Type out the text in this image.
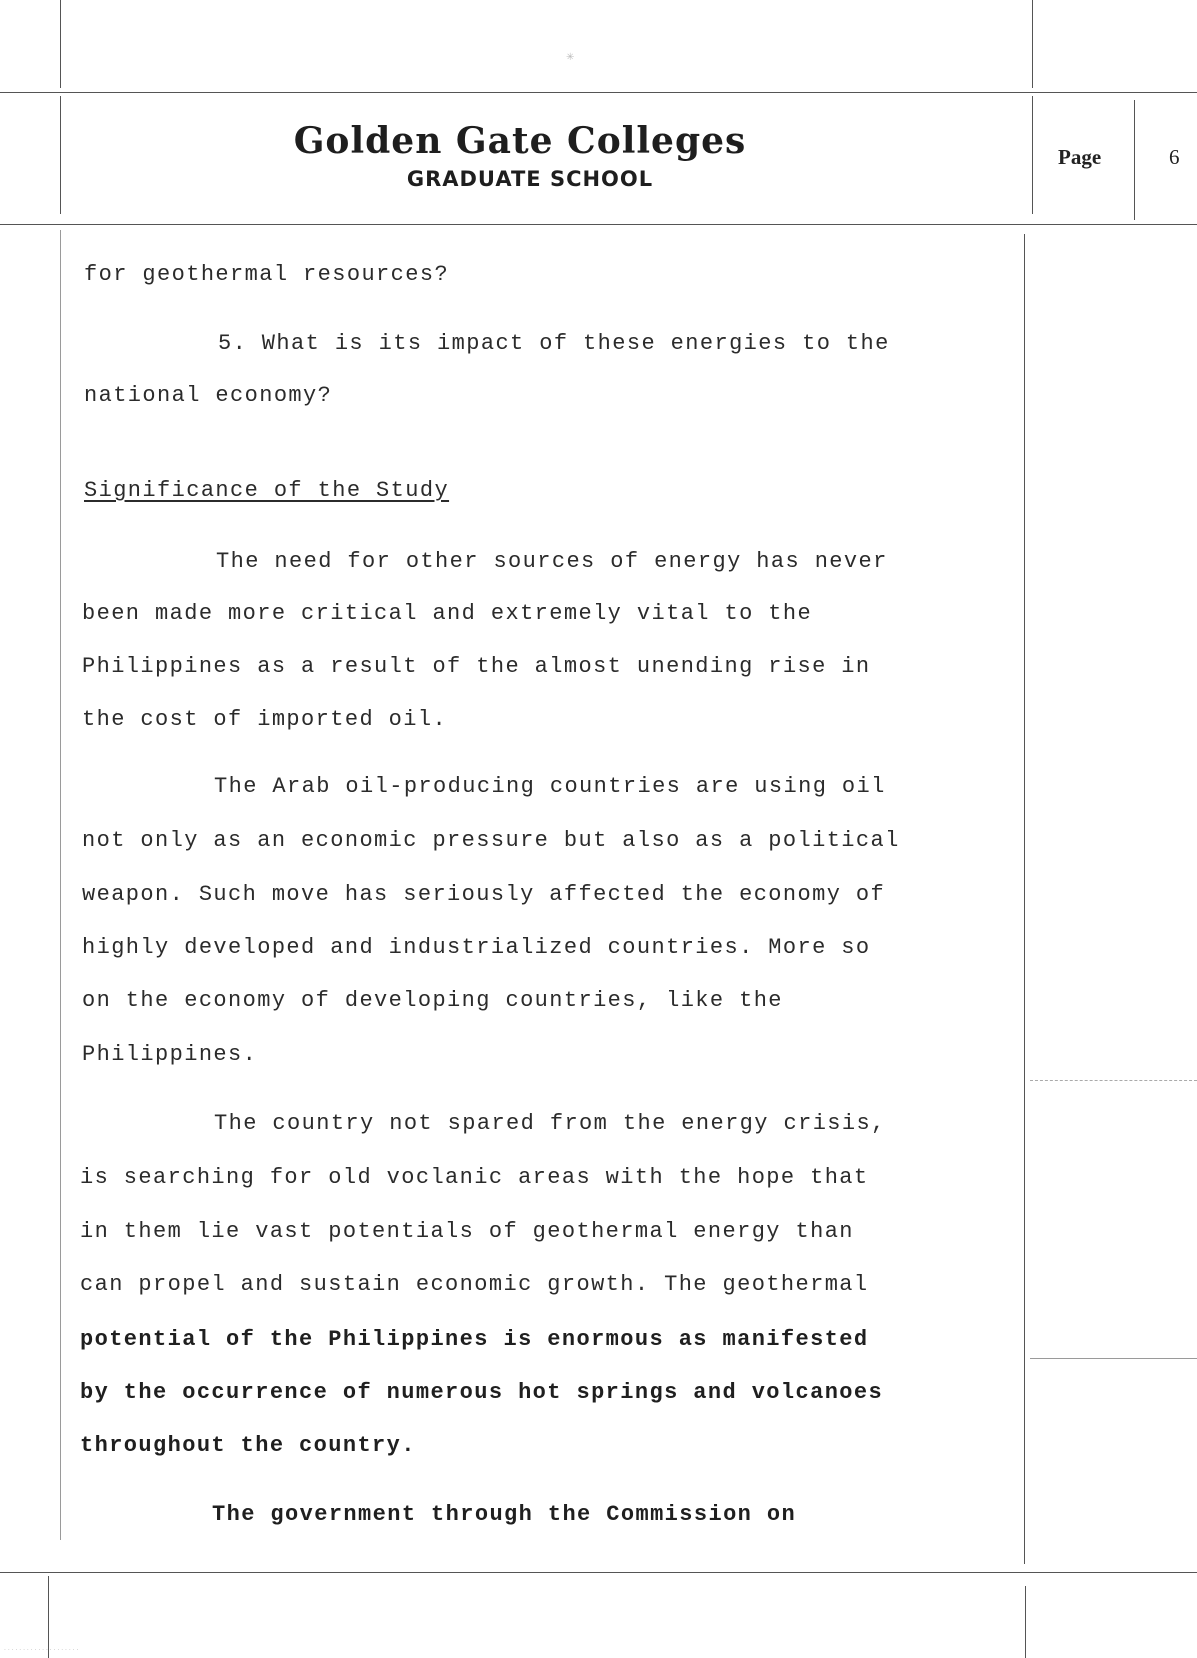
✳
Golden Gate Colleges
GRADUATE SCHOOL
Page	6
for geothermal resources?
5. What is its impact of these energies to the
national economy?
Significance of the Study
The need for other sources of energy has never
been made more critical and extremely vital to the
Philippines as a result of the almost unending rise in
the cost of imported oil.
The Arab oil-producing countries are using oil
not only as an economic pressure but also as a political
weapon. Such move has seriously affected the economy of
highly developed and industrialized countries. More so
on the economy of developing countries, like the
Philippines.
The country not spared from the energy crisis,
is searching for old voclanic areas with the hope that
in them lie vast potentials of geothermal energy than
can propel and sustain economic growth. The geothermal
potential of the Philippines is enormous as manifested
by the occurrence of numerous hot springs and volcanoes
throughout the country.
The government through the Commission on
· · · · · · · · · · · · · · · · · · · ·
